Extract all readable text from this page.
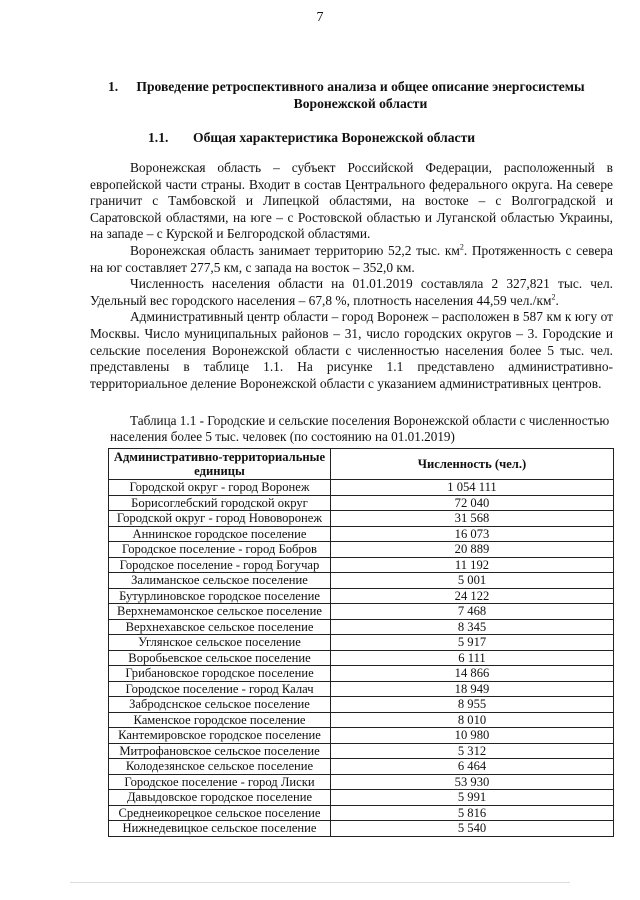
7
1. Проведение ретроспективного анализа и общее описание энергосистемы Воронежской области
1.1. Общая характеристика Воронежской области

Воронежская область – субъект Российской Федерации, расположенный в европейской части страны. Входит в состав Центрального федерального округа. На севере граничит с Тамбовской и Липецкой областями, на востоке – с Волгоградской и Саратовской областями, на юге – с Ростовской областью и Луганской областью Украины, на западе – с Курской и Белгородской областями.

Воронежская область занимает территорию 52,2 тыс. $км^2$. Протяженность с севера на юг составляет 277,5 км, с запада на восток – 352,0 км.

Численность населения области на 01.01.2019 составляла 2 327,821 тыс. чел. Удельный вес городского населения – 67,8 %, плотность населения 44,59 $чел./км^2$.

Административный центр области – город Воронеж – расположен в 587 км к югу от Москвы. Число муниципальных районов – 31, число городских округов – 3. Городские и сельские поселения Воронежской области с численностью населения более 5 тыс. чел. представлены в таблице 1.1. На рисунке 1.1 представлено административно-территориальное деление Воронежской области с указанием административных центров.

Таблица 1.1 - Городские и сельские поселения Воронежской области с численностью населения более 5 тыс. человек (по состоянию на 01.01.2019)
Административно-территориальные единицы	Численность (чел.)
Городской округ - город Воронеж	1 054 111
Борисоглебский городской округ	72 040
Городской округ - город Нововоронеж	31 568
Аннинское городское поселение	16 073
Городское поселение - город Бобров	20 889
Городское поселение - город Богучар	11 192
Залиманское сельское поселение	5 001
Бутурлиновское городское поселение	24 122
Верхнемамонское сельское поселение	7 468
Верхнехавское сельское поселение	8 345
Углянское сельское поселение	5 917
Воробьевское сельское поселение	6 111
Грибановское городское поселение	14 866
Городское поселение - город Калач	18 949
Забродснское сельское поселение	8 955
Каменское городское поселение	8 010
Кантемировское городское поселение	10 980
Митрофановское сельское поселение	5 312
Колодезянское сельское поселение	6 464
Городское поселение - город Лиски	53 930
Давыдовское городское поселение	5 991
Среднеикорецкое сельское поселение	5 816
Нижнедевицкое сельское поселение	5 540
